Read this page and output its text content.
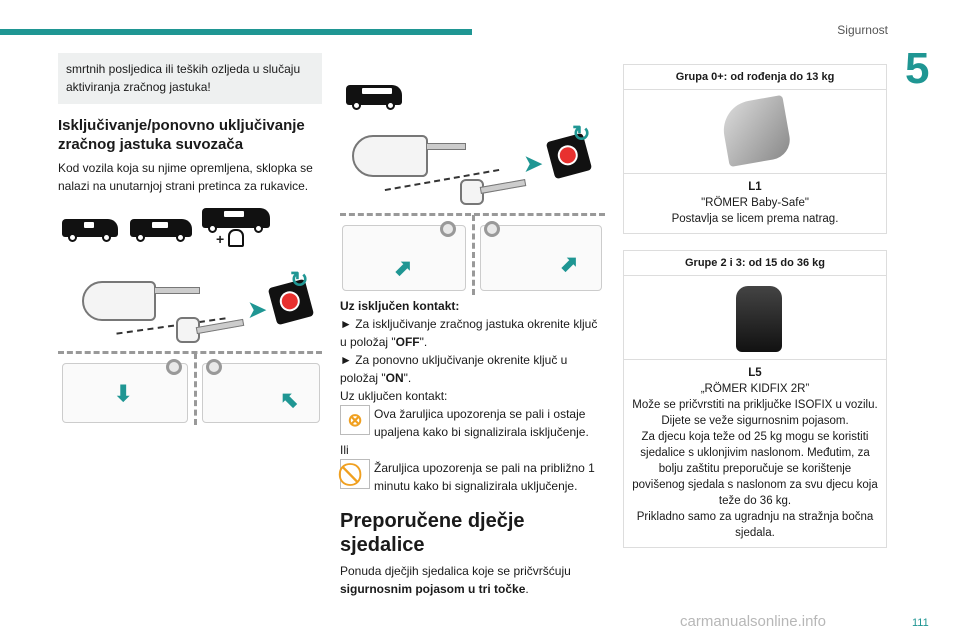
Sigurnost
5
smrtnih posljedica ili teških ozljeda u slučaju aktiviranja zračnog jastuka!
Isključivanje/ponovno uključivanje zračnog jastuka suvozača

Kod vozila koja su njime opremljena, sklopka se nalazi na unutarnjoj strani pretinca za rukavice.

+
➤
↻
⬇	⬉
➤
↻
⬈	⬈

Uz isključen kontakt:

► Za isključivanje zračnog jastuka okrenite ključ u položaj "OFF".

► Za ponovno uključivanje okrenite ključ u položaj "ON".

Uz uključen kontakt:

⊗ Ova žaruljica upozorenja se pali i ostaje upaljena kako bi signalizirala isključenje.

Ili

Žaruljica upozorenja se pali na približno 1 minutu kako bi signalizirala uključenje.
Preporučene dječje sjedalice

Ponuda dječjih sjedalica koje se pričvršćuju sigurnosnim pojasom u tri točke.

Grupa 0+: od rođenja do 13 kg
L1
"RÖMER Baby-Safe"
Postavlja se licem prema natrag.
Grupe 2 i 3: od 15 do 36 kg
L5
„RÖMER KIDFIX 2R”
Može se pričvrstiti na priključke ISOFIX u vozilu.
Dijete se veže sigurnosnim pojasom.
Za djecu koja teže od 25 kg mogu se koristiti sjedalice s uklonjivim naslonom. Međutim, za bolju zaštitu preporučuje se korištenje povišenog sjedala s naslonom za svu djecu koja teže do 36 kg.
Prikladno samo za ugradnju na stražnja bočna sjedala.
carmanualsonline.info	111
